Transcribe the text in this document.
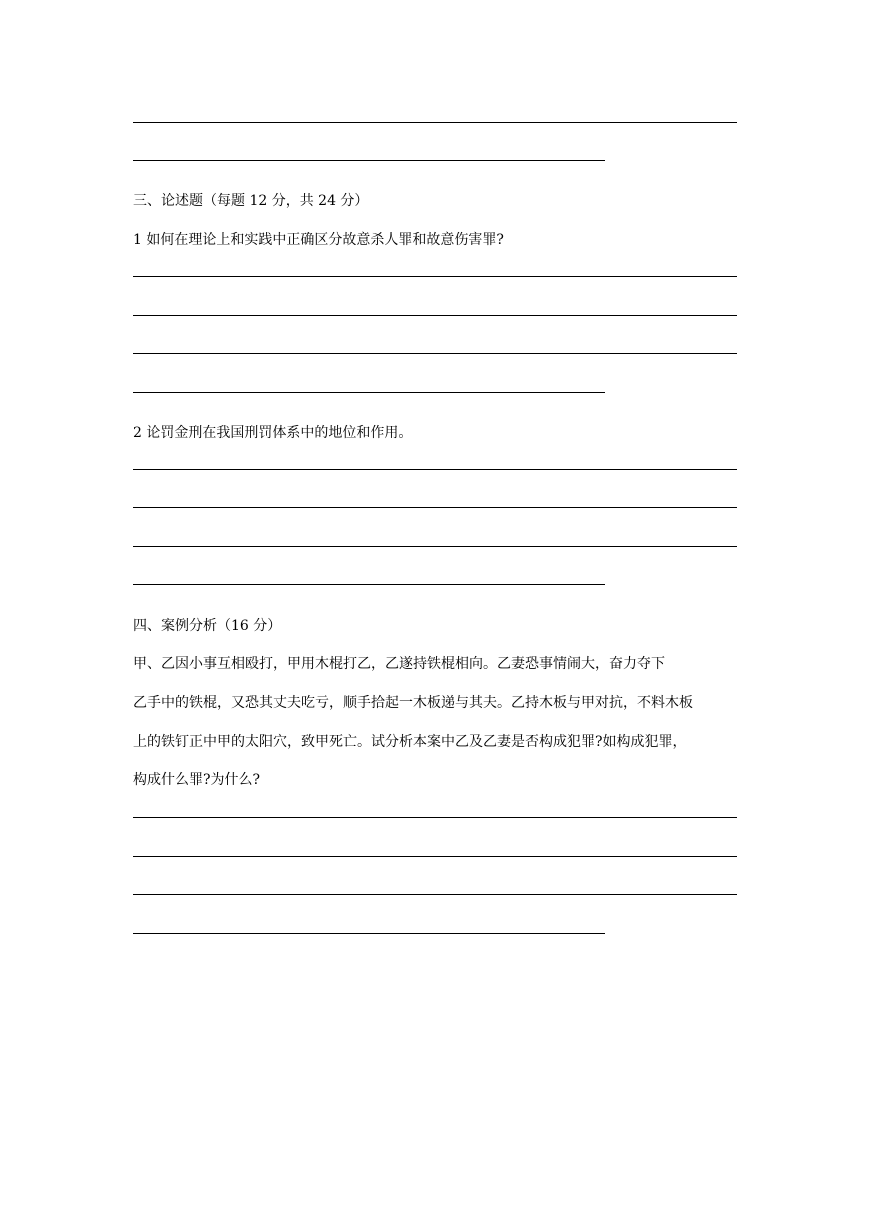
三、论述题（每题 12 分，共 24 分）
1 如何在理论上和实践中正确区分故意杀人罪和故意伤害罪?
2 论罚金刑在我国刑罚体系中的地位和作用。
四、案例分析（16 分）
甲、乙因小事互相殴打，甲用木棍打乙，乙遂持铁棍相向。乙妻恐事情闹大，奋力夺下
乙手中的铁棍，又恐其丈夫吃亏，顺手拾起一木板递与其夫。乙持木板与甲对抗，不料木板
上的铁钉正中甲的太阳穴，致甲死亡。试分析本案中乙及乙妻是否构成犯罪?如构成犯罪，
构成什么罪?为什么?
